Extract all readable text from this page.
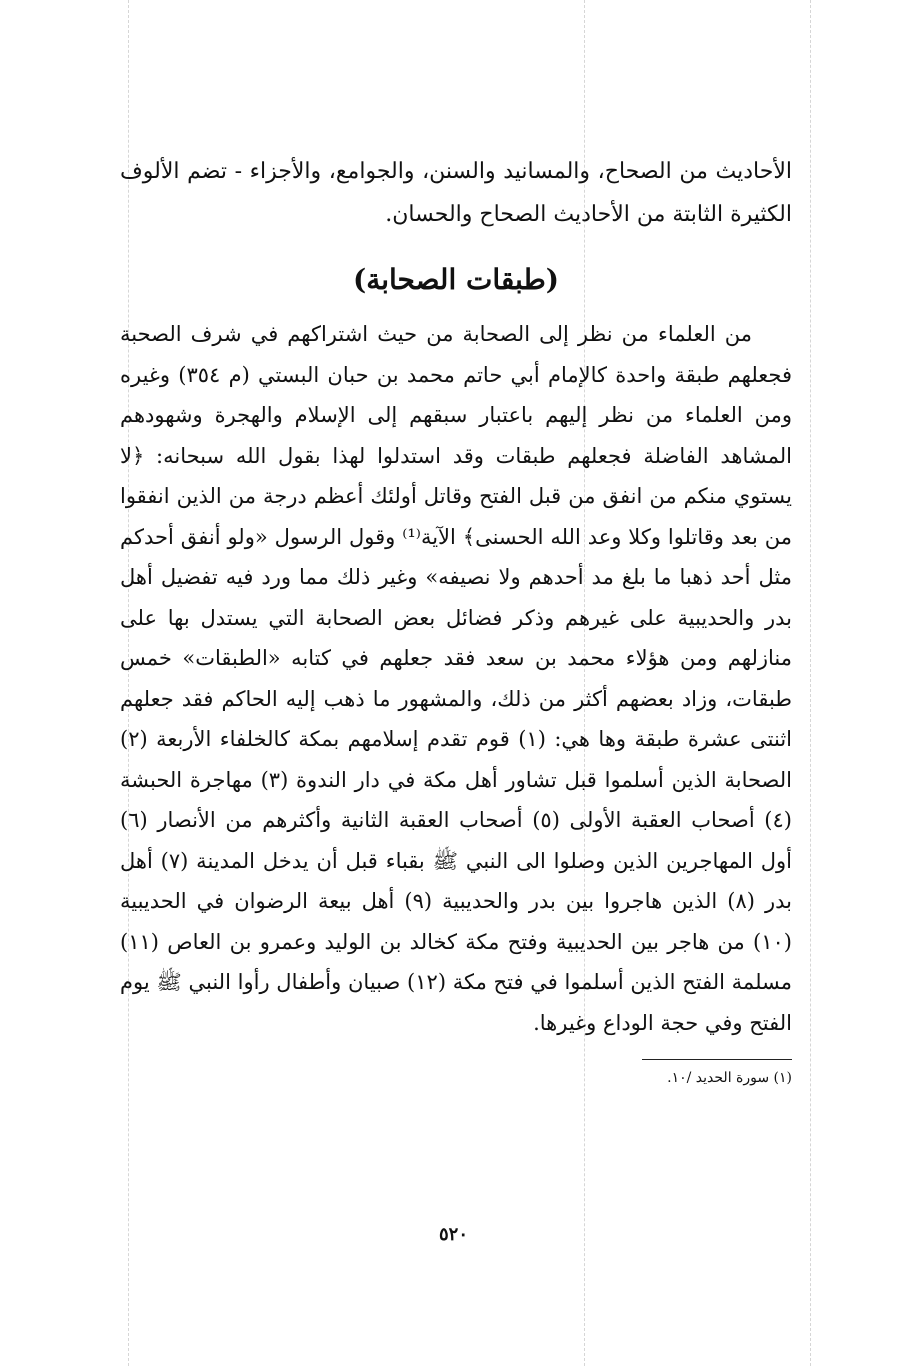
الأحاديث من الصحاح، والمسانيد والسنن، والجوامع، والأجزاء - تضم الألوف الكثيرة الثابتة من الأحاديث الصحاح والحسان.

(طبقات الصحابة)

من العلماء من نظر إلى الصحابة من حيث اشتراكهم في شرف الصحبة فجعلهم طبقة واحدة كالإمام أبي حاتم محمد بن حبان البستي (م ٣٥٤) وغيره ومن العلماء من نظر إليهم باعتبار سبقهم إلى الإسلام والهجرة وشهودهم المشاهد الفاضلة فجعلهم طبقات وقد استدلوا لهذا بقول الله سبحانه: ﴿لا يستوي منكم من انفق من قبل الفتح وقاتل أولئك أعظم درجة من الذين انفقوا من بعد وقاتلوا وكلا وعد الله الحسنى﴾ الآية⁽¹⁾ وقول الرسول «ولو أنفق أحدكم مثل أحد ذهبا ما بلغ مد أحدهم ولا نصيفه» وغير ذلك مما ورد فيه تفضيل أهل بدر والحديبية على غيرهم وذكر فضائل بعض الصحابة التي يستدل بها على منازلهم ومن هؤلاء محمد بن سعد فقد جعلهم في كتابه «الطبقات» خمس طبقات، وزاد بعضهم أكثر من ذلك، والمشهور ما ذهب إليه الحاكم فقد جعلهم اثنتى عشرة طبقة وها هي: (١) قوم تقدم إسلامهم بمكة كالخلفاء الأربعة (٢) الصحابة الذين أسلموا قبل تشاور أهل مكة في دار الندوة (٣) مهاجرة الحبشة (٤) أصحاب العقبة الأولى (٥) أصحاب العقبة الثانية وأكثرهم من الأنصار (٦) أول المهاجرين الذين وصلوا الى النبي ﷺ بقباء قبل أن يدخل المدينة (٧) أهل بدر (٨) الذين هاجروا بين بدر والحديبية (٩) أهل بيعة الرضوان في الحديبية (١٠) من هاجر بين الحديبية وفتح مكة كخالد بن الوليد وعمرو بن العاص (١١) مسلمة الفتح الذين أسلموا في فتح مكة (١٢) صبيان وأطفال رأوا النبي ﷺ يوم الفتح وفي حجة الوداع وغيرها.

(١) سورة الحديد /١٠.
٥٢٠
